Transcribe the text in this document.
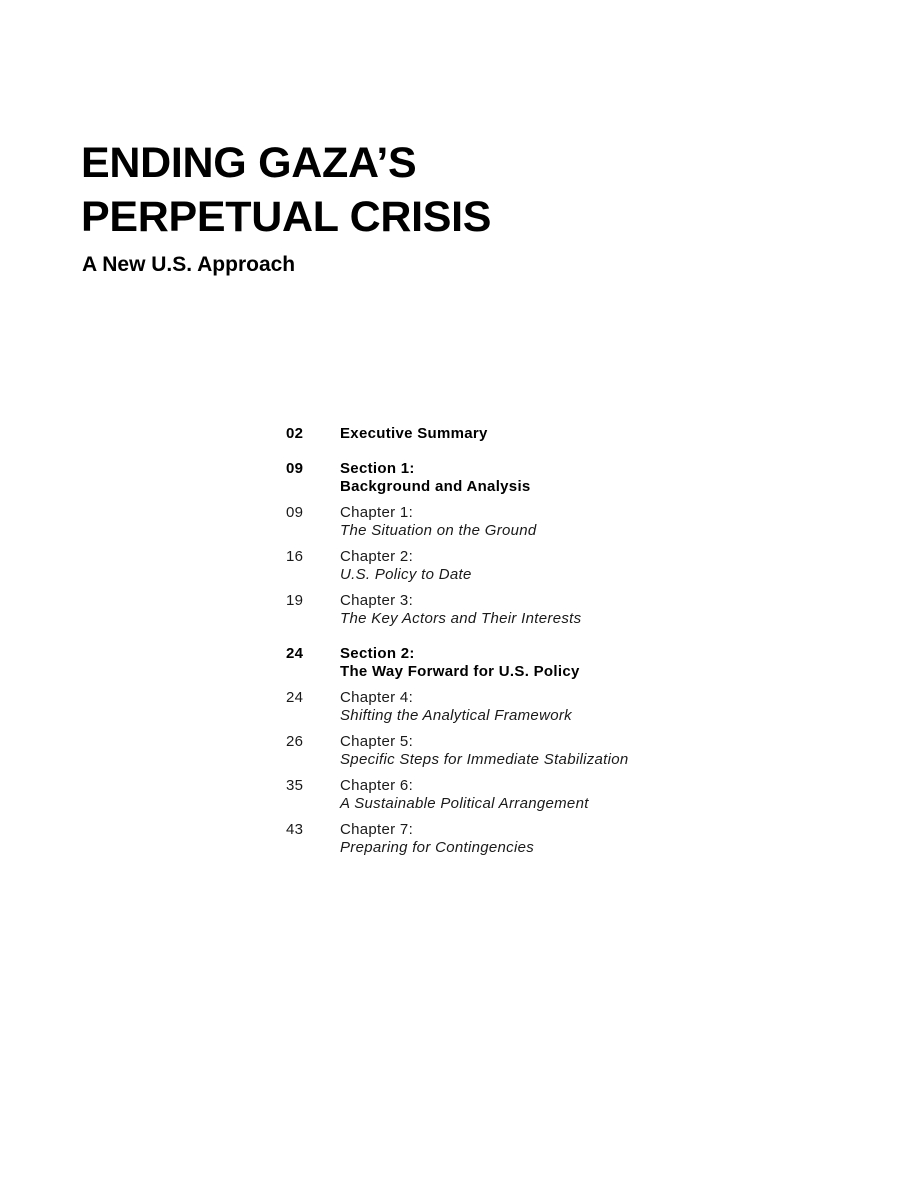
ENDING GAZA’S
PERPETUAL CRISIS
A New U.S. Approach
02	Executive Summary
09	Section 1:
Background and Analysis
09	Chapter 1:
The Situation on the Ground
16	Chapter 2:
U.S. Policy to Date
19	Chapter 3:
The Key Actors and Their Interests
24	Section 2:
The Way Forward for U.S. Policy
24	Chapter 4:
Shifting the Analytical Framework
26	Chapter 5:
Specific Steps for Immediate Stabilization
35	Chapter 6:
A Sustainable Political Arrangement
43	Chapter 7:
Preparing for Contingencies
